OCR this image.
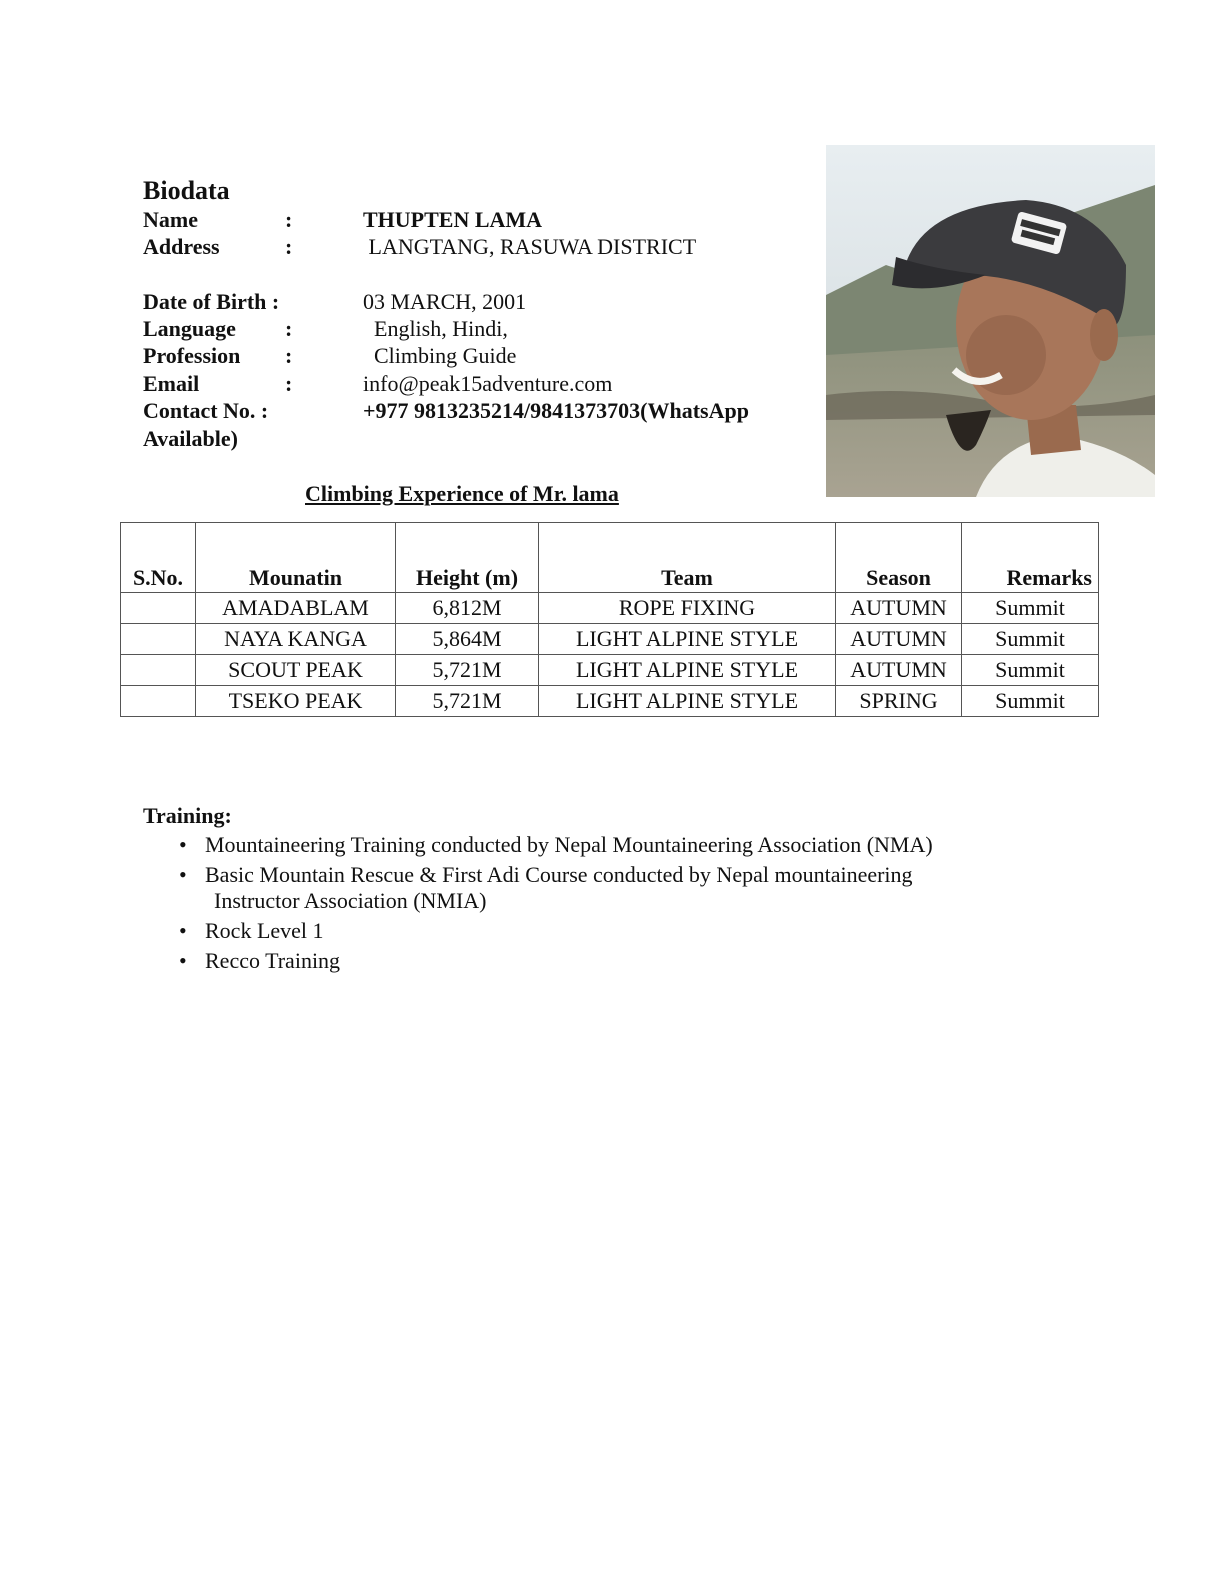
Biodata
Name	:	THUPTEN LAMA
Address	:	LANGTANG, RASUWA DISTRICT
Date of Birth :	03 MARCH, 2001
Language :	English, Hindi,
Profession :	Climbing Guide
Email	:	info@peak15adventure.com
Contact No. :	+977 9813235214/9841373703(WhatsApp
Available)
Climbing Experience of Mr. lama
S.No.	Mounatin	Height (m)	Team	Season	Remarks
	AMADABLAM	6,812M	ROPE FIXING	AUTUMN	Summit
	NAYA KANGA	5,864M	LIGHT ALPINE STYLE	AUTUMN	Summit
	SCOUT PEAK	5,721M	LIGHT ALPINE STYLE	AUTUMN	Summit
	TSEKO PEAK	5,721M	LIGHT ALPINE STYLE	SPRING	Summit
Training:
• Mountaineering Training conducted by Nepal Mountaineering Association (NMA)
• Basic Mountain Rescue & First Adi Course conducted by Nepal mountaineering
Instructor Association (NMIA)
• Rock Level 1
• Recco Training
